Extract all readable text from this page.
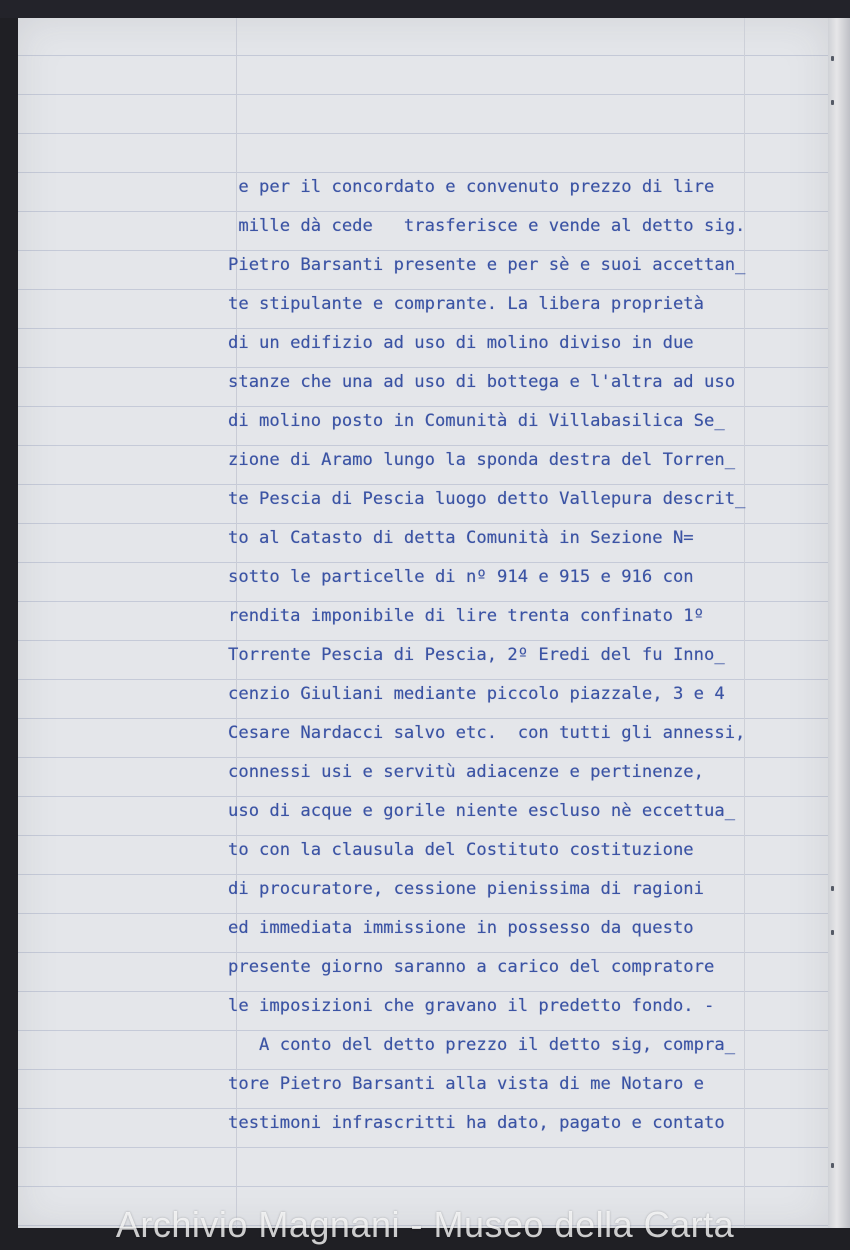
e per il concordato e convenuto prezzo di lire
mille dà cede   trasferisce e vende al detto sig.
Pietro Barsanti presente e per sè e suoi accettan_
te stipulante e comprante. La libera proprietà
di un edifizio ad uso di molino diviso in due
stanze che una ad uso di bottega e l'altra ad uso
di molino posto in Comunità di Villabasilica Se_
zione di Aramo lungo la sponda destra del Torren_
te Pescia di Pescia luogo detto Vallepura descrit_
to al Catasto di detta Comunità in Sezione N=
sotto le particelle di nº 914 e 915 e 916 con
rendita imponibile di lire trenta confinato 1º
Torrente Pescia di Pescia, 2º Eredi del fu Inno_
cenzio Giuliani mediante piccolo piazzale, 3 e 4
Cesare Nardacci salvo etc.  con tutti gli annessi,
connessi usi e servitù adiacenze e pertinenze,
uso di acque e gorile niente escluso nè eccettua_
to con la clausula del Costituto costituzione
di procuratore, cessione pienissima di ragioni
ed immediata immissione in possesso da questo
presente giorno saranno a carico del compratore
le imposizioni che gravano il predetto fondo. -
A conto del detto prezzo il detto sig, compra_
tore Pietro Barsanti alla vista di me Notaro e
testimoni infrascritti ha dato, pagato e contato
Archivio Magnani - Museo della Carta
